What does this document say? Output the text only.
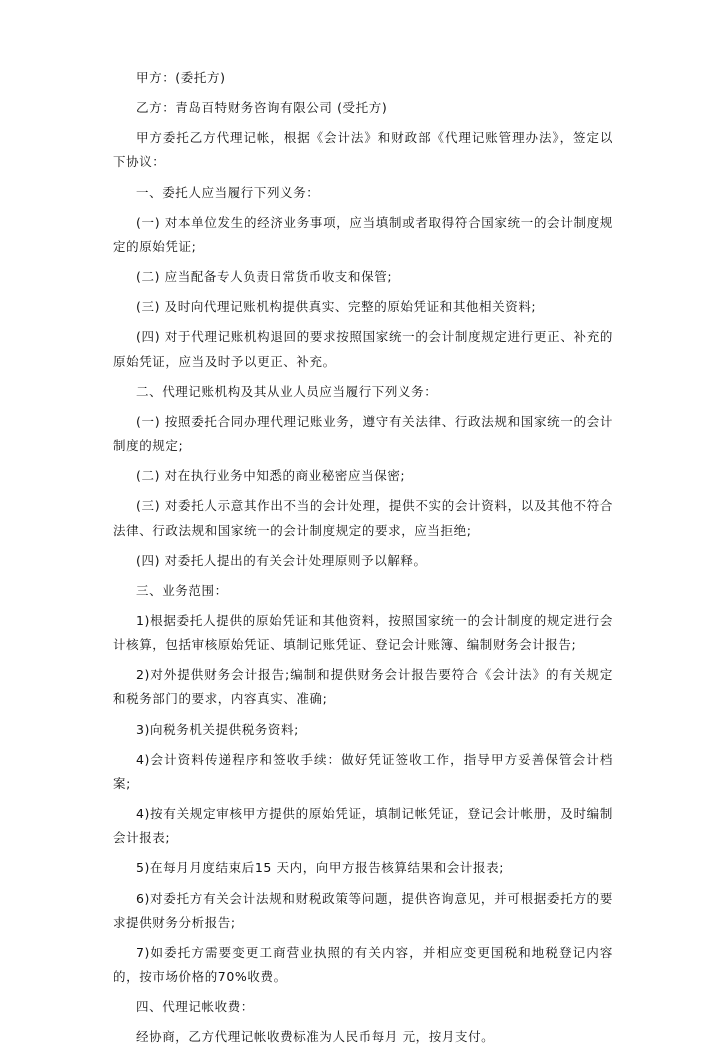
甲方：(委托方)

乙方：青岛百特财务咨询有限公司 (受托方)

甲方委托乙方代理记帐，根据《会计法》和财政部《代理记账管理办法》，签定以下协议：

一、委托人应当履行下列义务：

(一) 对本单位发生的经济业务事项，应当填制或者取得符合国家统一的会计制度规定的原始凭证;

(二) 应当配备专人负责日常货币收支和保管;

(三) 及时向代理记账机构提供真实、完整的原始凭证和其他相关资料;

(四) 对于代理记账机构退回的要求按照国家统一的会计制度规定进行更正、补充的原始凭证，应当及时予以更正、补充。

二、代理记账机构及其从业人员应当履行下列义务：

(一) 按照委托合同办理代理记账业务，遵守有关法律、行政法规和国家统一的会计制度的规定;

(二) 对在执行业务中知悉的商业秘密应当保密;

(三) 对委托人示意其作出不当的会计处理，提供不实的会计资料，以及其他不符合法律、行政法规和国家统一的会计制度规定的要求，应当拒绝;

(四) 对委托人提出的有关会计处理原则予以解释。

三、业务范围：

1)根据委托人提供的原始凭证和其他资料，按照国家统一的会计制度的规定进行会计核算，包括审核原始凭证、填制记账凭证、登记会计账簿、编制财务会计报告;

2)对外提供财务会计报告;编制和提供财务会计报告要符合《会计法》的有关规定和税务部门的要求，内容真实、准确;

3)向税务机关提供税务资料;

4)会计资料传递程序和签收手续：做好凭证签收工作，指导甲方妥善保管会计档案;

4)按有关规定审核甲方提供的原始凭证，填制记帐凭证，登记会计帐册，及时编制会计报表;

5)在每月月度结束后15 天内，向甲方报告核算结果和会计报表;

6)对委托方有关会计法规和财税政策等问题，提供咨询意见，并可根据委托方的要求提供财务分析报告;

7)如委托方需要变更工商营业执照的有关内容，并相应变更国税和地税登记内容的，按市场价格的70%收费。

四、代理记帐收费：

经协商，乙方代理记帐收费标准为人民币每月 元，按月支付。
